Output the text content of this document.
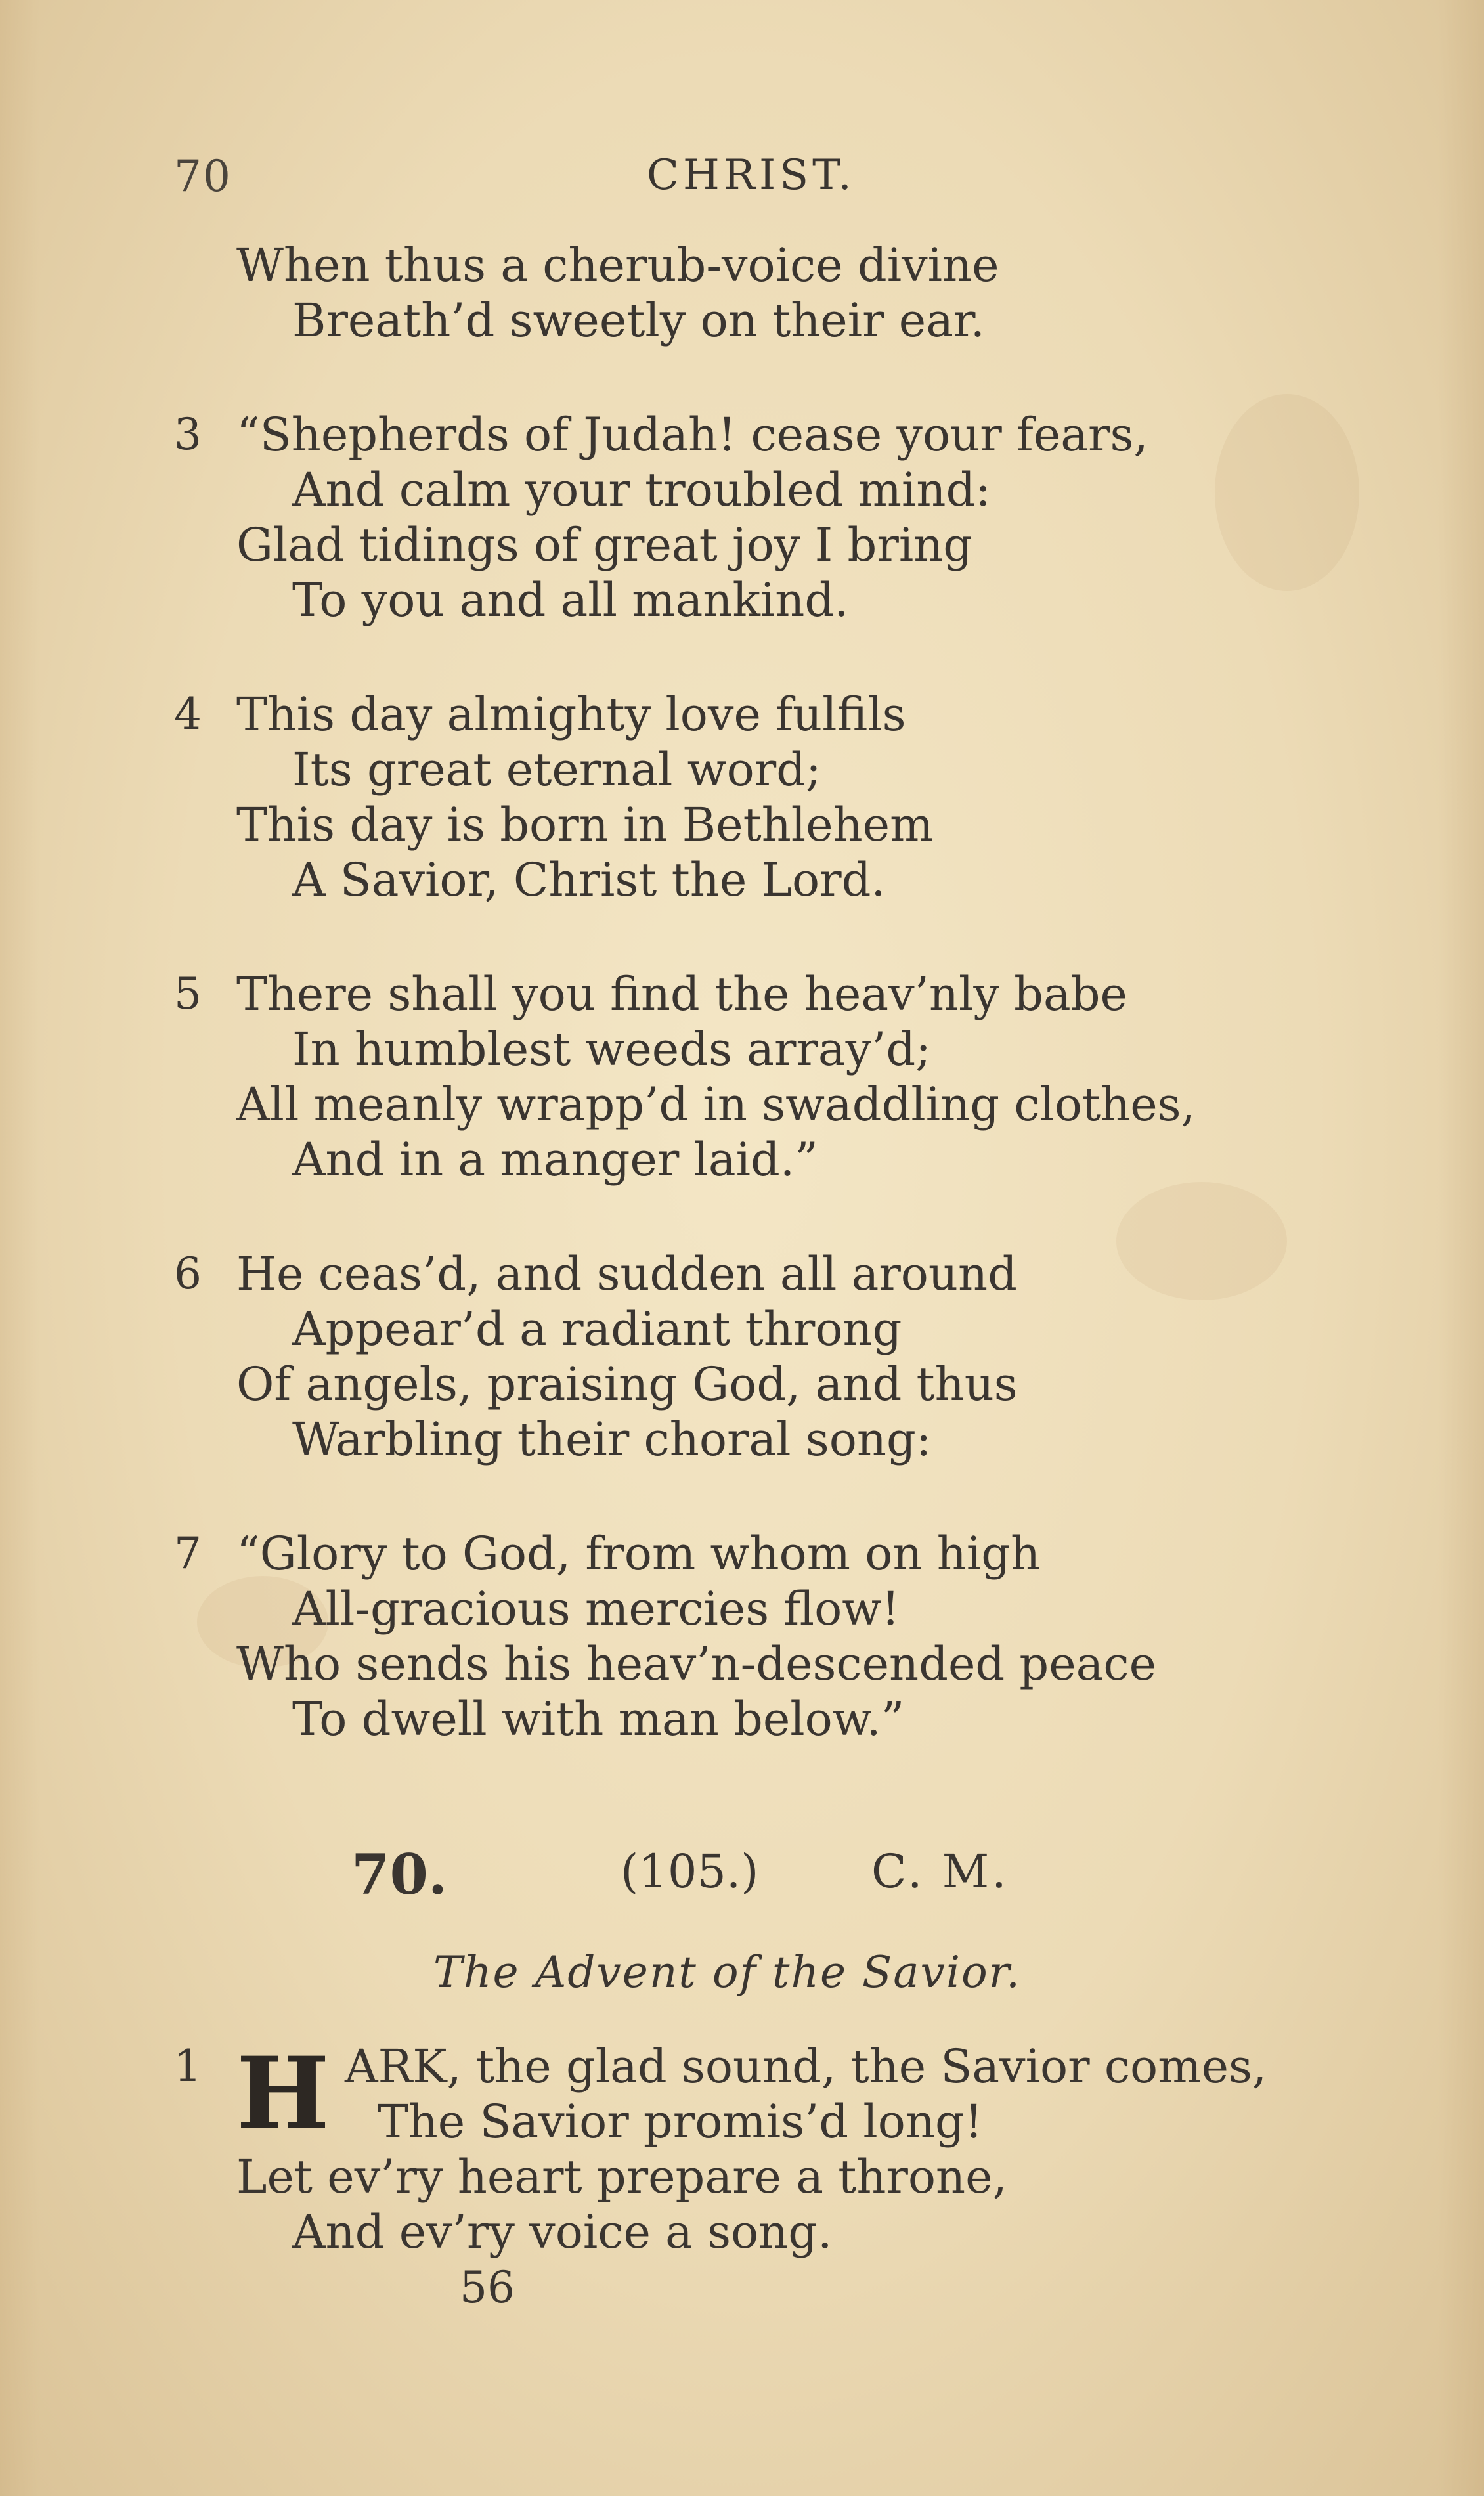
70	CHRIST.
When thus a cherub-voice divine
Breath’d sweetly on their ear.
3 “Shepherds of Judah! cease your fears,
And calm your troubled mind:
Glad tidings of great joy I bring
To you and all mankind.
4 This day almighty love fulfils
Its great eternal word;
This day is born in Bethlehem
A Savior, Christ the Lord.
5 There shall you find the heav’nly babe
In humblest weeds array’d;
All meanly wrapp’d in swaddling clothes,
And in a manger laid.”
6 He ceas’d, and sudden all around
Appear’d a radiant throng
Of angels, praising God, and thus
Warbling their choral song:
7 “Glory to God, from whom on high
All-gracious mercies flow!
Who sends his heav’n-descended peace
To dwell with man below.”
70.	(105.) C. M.
The Advent of the Savior.
1 H ARK, the glad sound, the Savior comes,
The Savior promis’d long!
Let ev’ry heart prepare a throne,
And ev’ry voice a song.
56
